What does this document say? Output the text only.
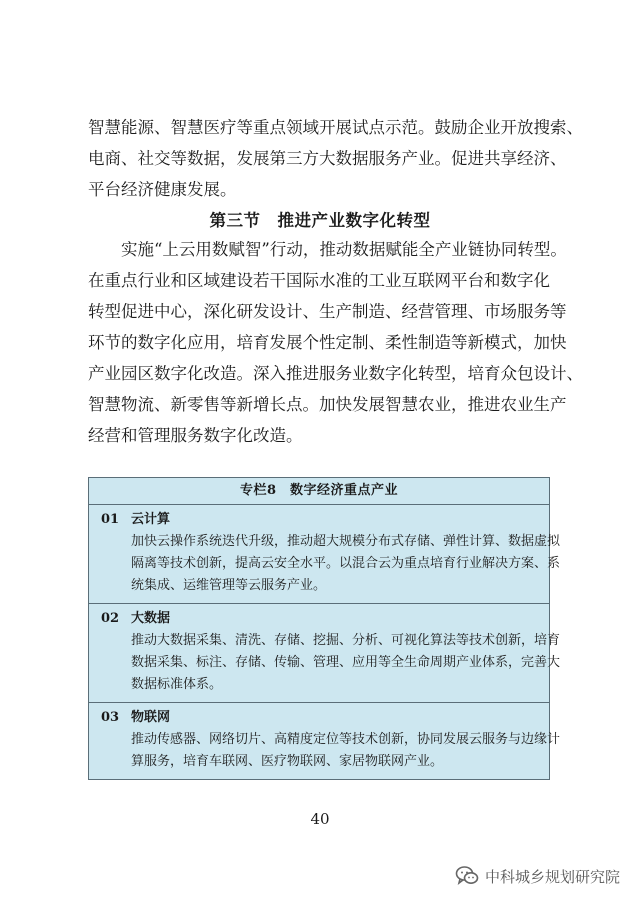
智慧能源、智慧医疗等重点领域开展试点示范。鼓励企业开放搜索、
电商、社交等数据，发展第三方大数据服务产业。促进共享经济、
平台经济健康发展。
第三节　推进产业数字化转型
　　实施“上云用数赋智”行动，推动数据赋能全产业链协同转型。
在重点行业和区域建设若干国际水准的工业互联网平台和数字化
转型促进中心，深化研发设计、生产制造、经营管理、市场服务等
环节的数字化应用，培育发展个性定制、柔性制造等新模式，加快
产业园区数字化改造。深入推进服务业数字化转型，培育众包设计、
智慧物流、新零售等新增长点。加快发展智慧农业，推进农业生产
经营和管理服务数字化改造。
专栏8　数字经济重点产业
01 云计算
加快云操作系统迭代升级，推动超大规模分布式存储、弹性计算、数据虚拟
隔离等技术创新，提高云安全水平。以混合云为重点培育行业解决方案、系
统集成、运维管理等云服务产业。
02 大数据
推动大数据采集、清洗、存储、挖掘、分析、可视化算法等技术创新，培育
数据采集、标注、存储、传输、管理、应用等全生命周期产业体系，完善大
数据标准体系。
03 物联网
推动传感器、网络切片、高精度定位等技术创新，协同发展云服务与边缘计
算服务，培育车联网、医疗物联网、家居物联网产业。
40
中科城乡规划研究院
